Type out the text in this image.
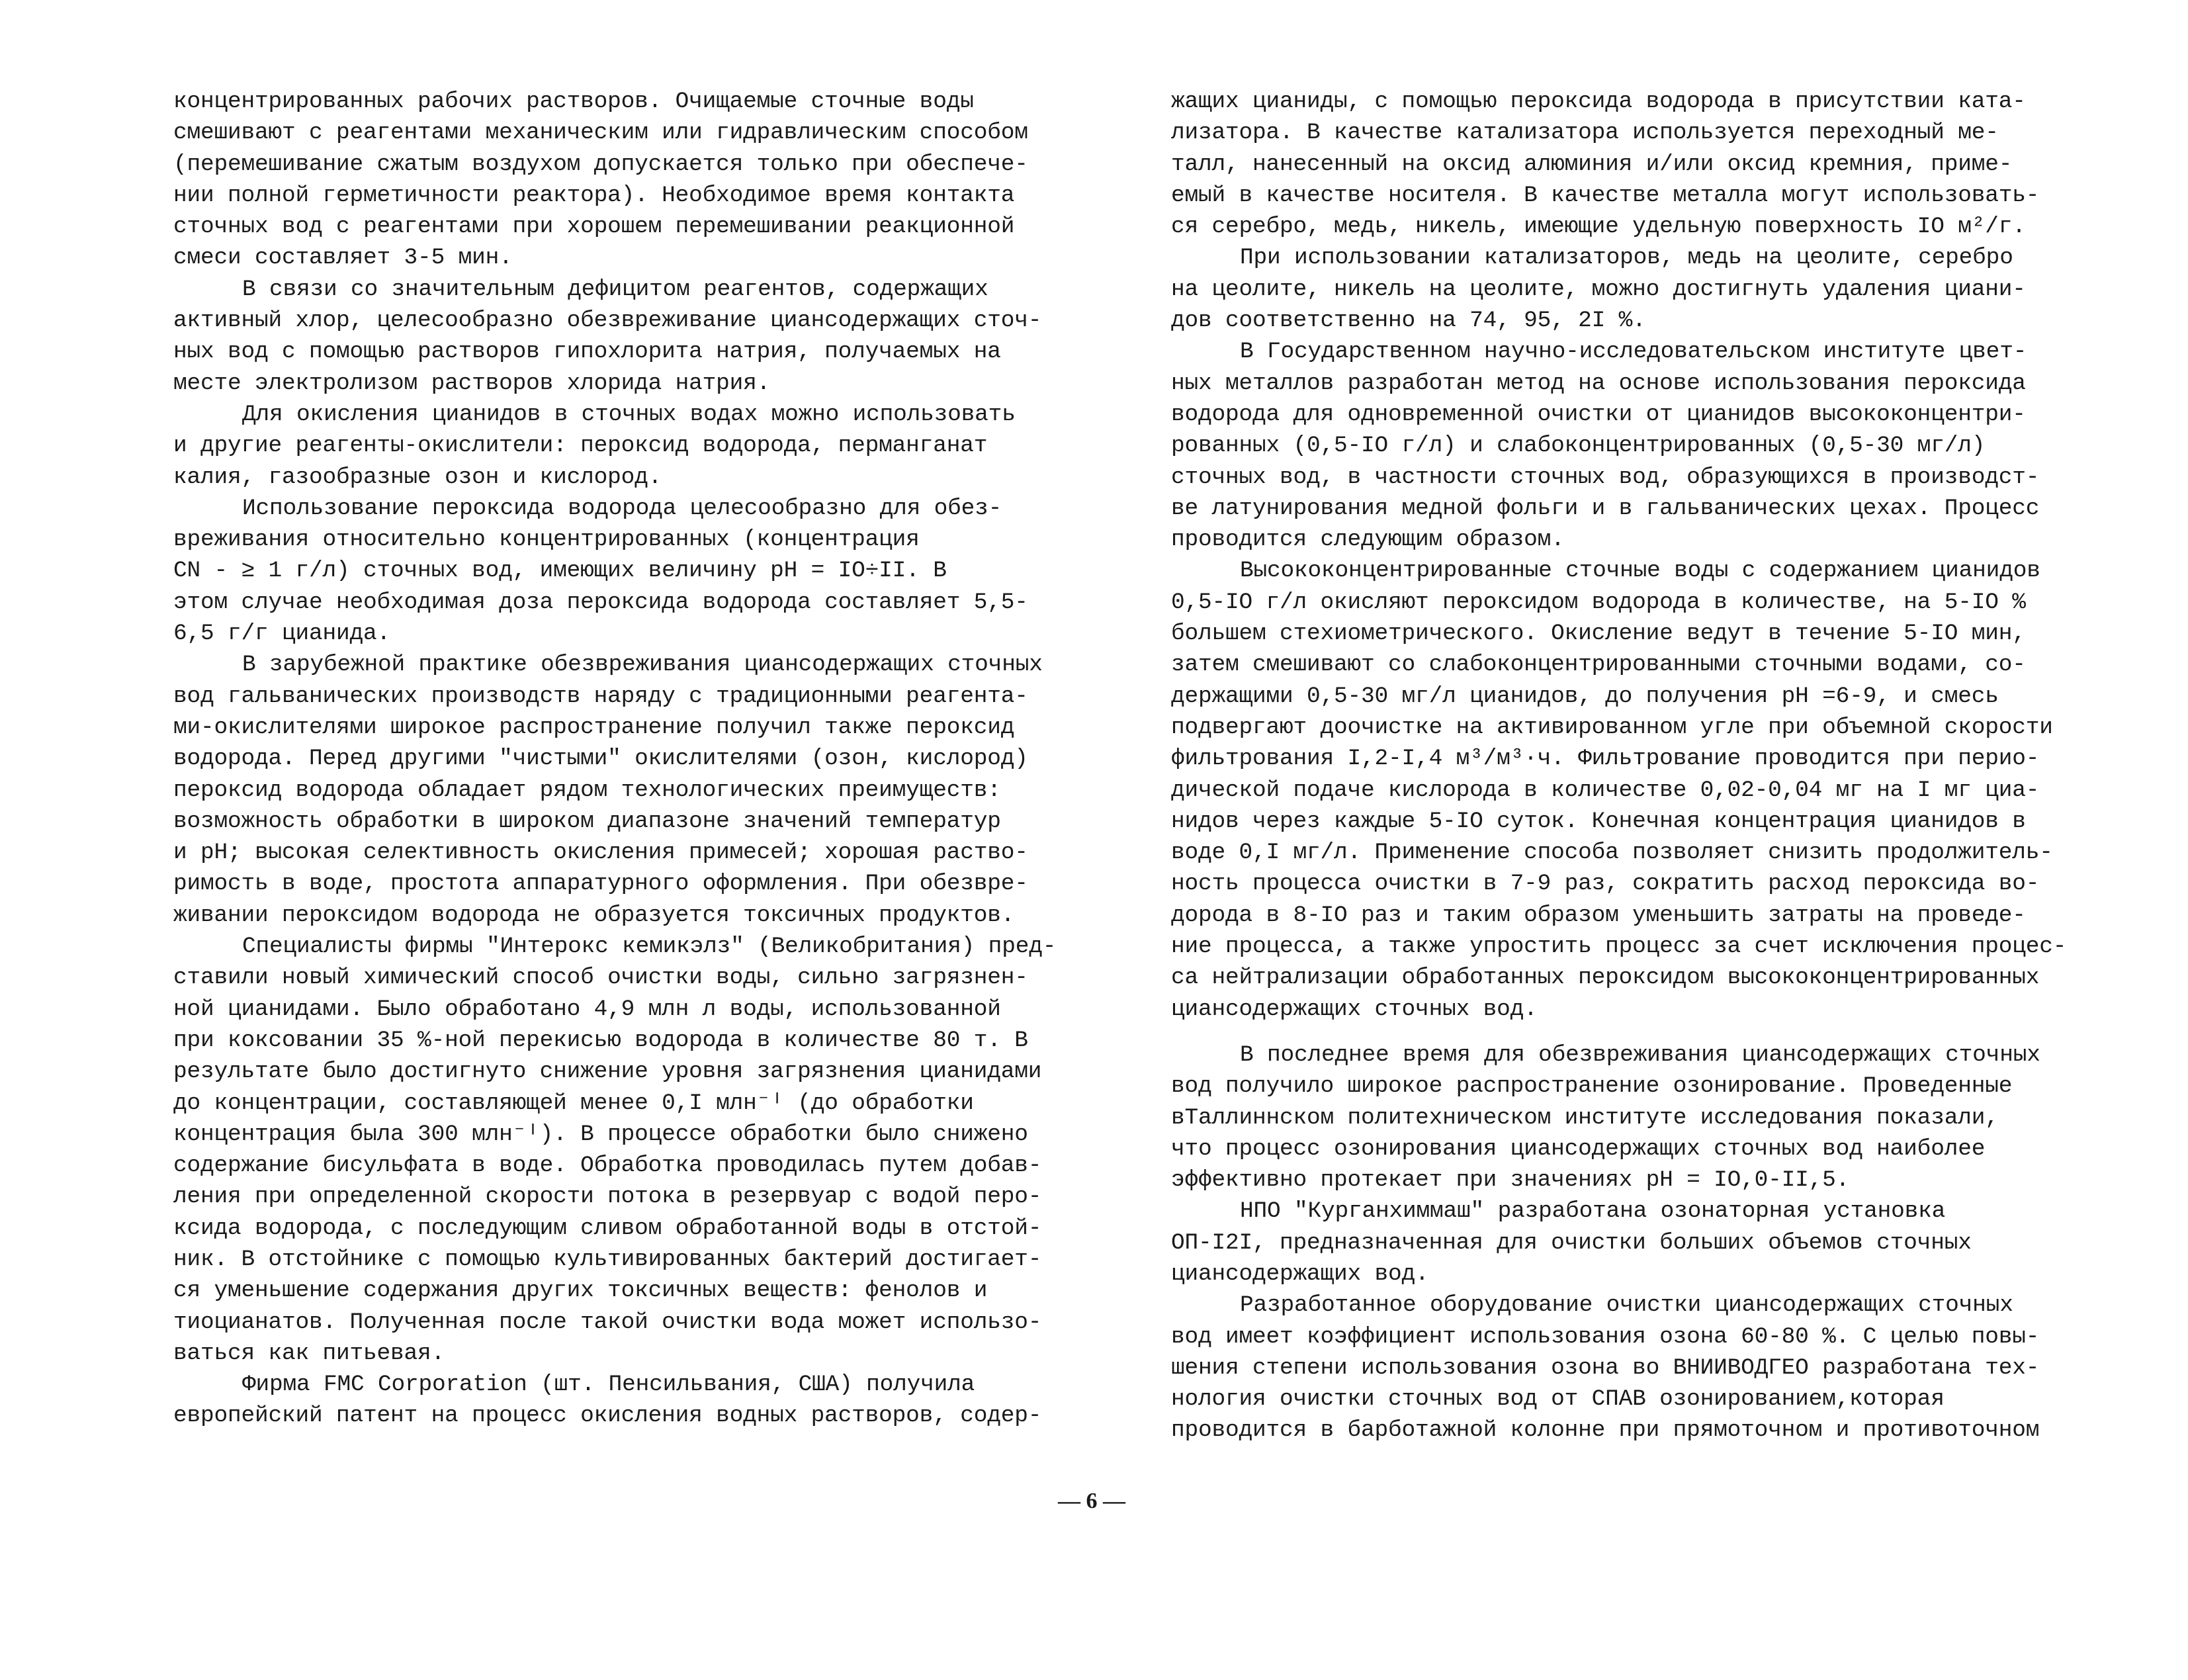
концентрированных рабочих растворов. Очищаемые сточные воды
смешивают с реагентами механическим или гидравлическим способом
(перемешивание сжатым воздухом допускается только при обеспече-
нии полной герметичности реактора). Необходимое время контакта
сточных вод с реагентами при хорошем перемешивании реакционной
смеси составляет 3-5 мин.
В связи со значительным дефицитом реагентов, содержащих
активный хлор, целесообразно обезвреживание циансодержащих сточ-
ных вод с помощью растворов гипохлорита натрия, получаемых на
месте электролизом растворов хлорида натрия.
Для окисления цианидов в сточных водах можно использовать
и другие реагенты-окислители: пероксид водорода, перманганат
калия, газообразные озон и кислород.
Использование пероксида водорода целесообразно для обез-
вреживания относительно концентрированных (концентрация
CN - ≥ 1 г/л) сточных вод, имеющих величину рН = IO÷II. В
этом случае необходимая доза пероксида водорода составляет 5,5-
6,5 г/г цианида.
В зарубежной практике обезвреживания циансодержащих сточных
вод гальванических производств наряду с традиционными реагента-
ми-окислителями широкое распространение получил также пероксид
водорода. Перед другими "чистыми" окислителями (озон, кислород)
пероксид водорода обладает рядом технологических преимуществ:
возможность обработки в широком диапазоне значений температур
и рН; высокая селективность окисления примесей; хорошая раство-
римость в воде, простота аппаратурного оформления. При обезвре-
живании пероксидом водорода не образуется токсичных продуктов.
Специалисты фирмы "Интерокс кемикэлз" (Великобритания) пред-
ставили новый химический способ очистки воды, сильно загрязнен-
ной цианидами. Было обработано 4,9 млн л воды, использованной
при коксовании 35 %-ной перекисью водорода в количестве 80 т. В
результате было достигнуто снижение уровня загрязнения цианидами
до концентрации, составляющей менее 0,I млн⁻ᴵ (до обработки
концентрация была 300 млн⁻ᴵ). В процессе обработки было снижено
содержание бисульфата в воде. Обработка проводилась путем добав-
ления при определенной скорости потока в резервуар с водой перо-
ксида водорода, с последующим сливом обработанной воды в отстой-
ник. В отстойнике с помощью культивированных бактерий достигает-
ся уменьшение содержания других токсичных веществ: фенолов и
тиоцианатов. Полученная после такой очистки вода может использо-
ваться как питьевая.
Фирма FMC Corporation (шт. Пенсильвания, США) получила
европейский патент на процесс окисления водных растворов, содер-
жащих цианиды, с помощью пероксида водорода в присутствии ката-
лизатора. В качестве катализатора используется переходный ме-
талл, нанесенный на оксид алюминия и/или оксид кремния, приме-
емый в качестве носителя. В качестве металла могут использовать-
ся серебро, медь, никель, имеющие удельную поверхность IO м²/г.
При использовании катализаторов, медь на цеолите, серебро
на цеолите, никель на цеолите, можно достигнуть удаления циани-
дов соответственно на 74, 95, 2I %.
В Государственном научно-исследовательском институте цвет-
ных металлов разработан метод на основе использования пероксида
водорода для одновременной очистки от цианидов высококонцентри-
рованных (0,5-IO г/л) и слабоконцентрированных (0,5-30 мг/л)
сточных вод, в частности сточных вод, образующихся в производст-
ве латунирования медной фольги и в гальванических цехах. Процесс
проводится следующим образом.
Высококонцентрированные сточные воды с содержанием цианидов
0,5-IO г/л окисляют пероксидом водорода в количестве, на 5-IO %
большем стехиометрического. Окисление ведут в течение 5-IO мин,
затем смешивают со слабоконцентрированными сточными водами, со-
держащими 0,5-30 мг/л цианидов, до получения рН =6-9, и смесь
подвергают доочистке на активированном угле при объемной скорости
фильтрования I,2-I,4 м³/м³·ч. Фильтрование проводится при перио-
дической подаче кислорода в количестве 0,02-0,04 мг на I мг циа-
нидов через каждые 5-IO суток. Конечная концентрация цианидов в
воде 0,I мг/л. Применение способа позволяет снизить продолжитель-
ность процесса очистки в 7-9 раз, сократить расход пероксида во-
дорода в 8-IO раз и таким образом уменьшить затраты на проведе-
ние процесса, а также упростить процесс за счет исключения процес-
са нейтрализации обработанных пероксидом высококонцентрированных
циансодержащих сточных вод.
В последнее время для обезвреживания циансодержащих сточных
вод получило широкое распространение озонирование. Проведенные
вТаллиннском политехническом институте исследования показали,
что процесс озонирования циансодержащих сточных вод наиболее
эффективно протекает при значениях рН = IO,0-II,5.
НПО "Курганхиммаш" разработана озонаторная установка
ОП-I2I, предназначенная для очистки больших объемов сточных
циансодержащих вод.
Разработанное оборудование очистки циансодержащих сточных
вод имеет коэффициент использования озона 60-80 %. С целью повы-
шения степени использования озона во ВНИИВОДГЕО разработана тех-
нология очистки сточных вод от СПАВ озонированием,которая
проводится в барботажной колонне при прямоточном и противоточном
— 6 —
